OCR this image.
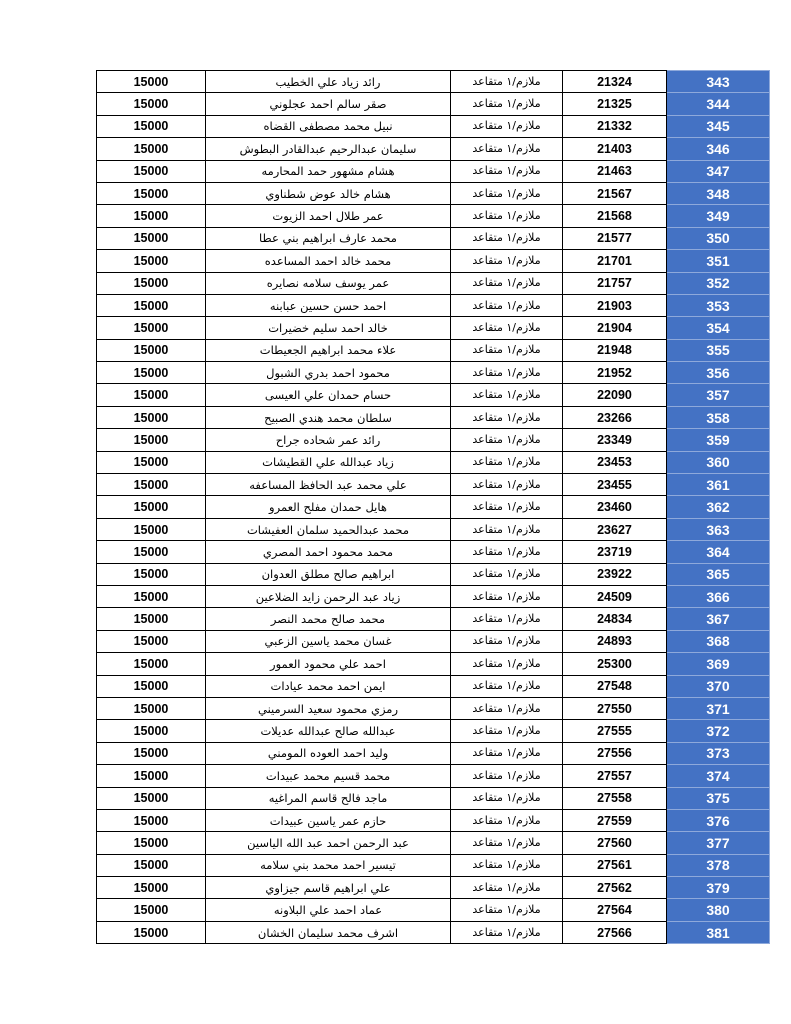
15000	رائد زياد علي الخطيب	ملازم/١ متقاعد	21324	343
15000	صقر سالم احمد عجلوني	ملازم/١ متقاعد	21325	344
15000	نبيل محمد مصطفى القضاه	ملازم/١ متقاعد	21332	345
15000	سليمان عبدالرحيم عبدالقادر البطوش	ملازم/١ متقاعد	21403	346
15000	هشام مشهور حمد المحارمه	ملازم/١ متقاعد	21463	347
15000	هشام خالد عوض شطناوي	ملازم/١ متقاعد	21567	348
15000	عمر طلال احمد الزيوت	ملازم/١ متقاعد	21568	349
15000	محمد عارف ابراهيم بني عطا	ملازم/١ متقاعد	21577	350
15000	محمد خالد احمد المساعده	ملازم/١ متقاعد	21701	351
15000	عمر يوسف سلامه نصايره	ملازم/١ متقاعد	21757	352
15000	احمد حسن حسين عبابنه	ملازم/١ متقاعد	21903	353
15000	خالد احمد سليم خضيرات	ملازم/١ متقاعد	21904	354
15000	علاء محمد ابراهيم الجعيطات	ملازم/١ متقاعد	21948	355
15000	محمود احمد بدري الشبول	ملازم/١ متقاعد	21952	356
15000	حسام حمدان علي العيسى	ملازم/١ متقاعد	22090	357
15000	سلطان محمد هندي الصبيح	ملازم/١ متقاعد	23266	358
15000	رائد عمر شحاده جراح	ملازم/١ متقاعد	23349	359
15000	زياد عبدالله علي القطيشات	ملازم/١ متقاعد	23453	360
15000	علي محمد عبد الحافظ المساعفه	ملازم/١ متقاعد	23455	361
15000	هايل حمدان مفلح العمرو	ملازم/١ متقاعد	23460	362
15000	محمد عبدالحميد سلمان العفيشات	ملازم/١ متقاعد	23627	363
15000	محمد محمود احمد المصري	ملازم/١ متقاعد	23719	364
15000	ابراهيم صالح مطلق العدوان	ملازم/١ متقاعد	23922	365
15000	زياد عبد الرحمن زايد الضلاعين	ملازم/١ متقاعد	24509	366
15000	محمد صالح محمد النصر	ملازم/١ متقاعد	24834	367
15000	غسان محمد ياسين الزعبي	ملازم/١ متقاعد	24893	368
15000	احمد علي محمود العمور	ملازم/١ متقاعد	25300	369
15000	ايمن احمد محمد عيادات	ملازم/١ متقاعد	27548	370
15000	رمزي محمود سعيد السرميني	ملازم/١ متقاعد	27550	371
15000	عبدالله صالح عبدالله عديلات	ملازم/١ متقاعد	27555	372
15000	وليد احمد العوده المومني	ملازم/١ متقاعد	27556	373
15000	محمد قسيم محمد عبيدات	ملازم/١ متقاعد	27557	374
15000	ماجد فالح قاسم المراغيه	ملازم/١ متقاعد	27558	375
15000	حازم عمر ياسين عبيدات	ملازم/١ متقاعد	27559	376
15000	عبد الرحمن احمد عبد الله الياسين	ملازم/١ متقاعد	27560	377
15000	تيسير احمد محمد بني سلامه	ملازم/١ متقاعد	27561	378
15000	علي ابراهيم قاسم جيزاوي	ملازم/١ متقاعد	27562	379
15000	عماد احمد علي البلاونه	ملازم/١ متقاعد	27564	380
15000	اشرف محمد سليمان الخشان	ملازم/١ متقاعد	27566	381
